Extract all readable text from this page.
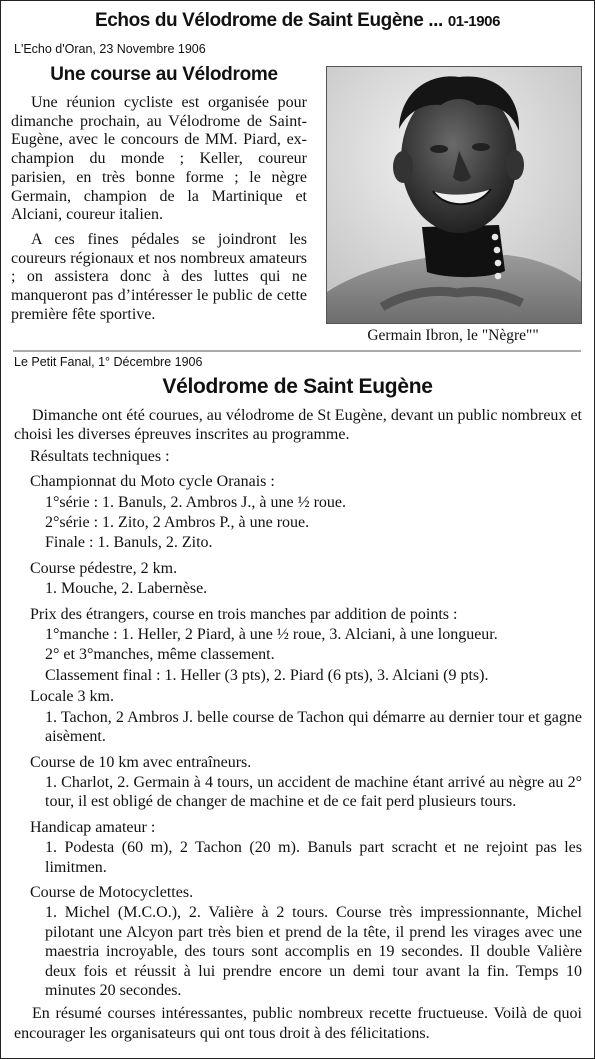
Echos du Vélodrome de Saint Eugène ... 01-1906
L'Echo d'Oran, 23 Novembre 1906
Une course au Vélodrome

Une réunion cycliste est organisée pour dimanche prochain, au Vélodrome de Saint-Eugène, avec le concours de MM. Piard, ex-champion du monde ; Keller, coureur parisien, en très bonne forme ; le nègre Germain, champion de la Martinique et Alciani, coureur italien.

A ces fines pédales se joindront les coureurs régionaux et nos nombreux amateurs ; on assistera donc à des luttes qui ne manqueront pas d’intéresser le public de cette première fête sportive.

Germain Ibron, le "Nègre""
Le Petit Fanal, 1° Décembre 1906
Vélodrome de Saint Eugène
Dimanche ont été courues, au vélodrome de St Eugène, devant un public nombreux et choisi les diverses épreuves inscrites au programme.
Résultats techniques :
Championnat du Moto cycle Oranais :
1°série : 1. Banuls, 2. Ambros J., à une ½ roue.
2°série : 1. Zito, 2 Ambros P., à une roue.
Finale : 1. Banuls, 2. Zito.
Course pédestre, 2 km.
1. Mouche, 2. Labernèse.
Prix des étrangers, course en trois manches par addition de points :
1°manche : 1. Heller, 2 Piard, à une ½ roue, 3. Alciani, à une longueur.
2° et 3°manches, même classement.
Classement final : 1. Heller (3 pts), 2. Piard (6 pts), 3. Alciani (9 pts).
Locale 3 km.
1. Tachon, 2 Ambros J. belle course de Tachon qui démarre au dernier tour et gagne aisèment.
Course de 10 km avec entraîneurs.
1. Charlot, 2. Germain à 4 tours, un accident de machine étant arrivé au nègre au 2° tour, il est obligé de changer de machine et de ce fait perd plusieurs tours.
Handicap amateur :
1. Podesta (60 m), 2 Tachon (20 m). Banuls part scracht et ne rejoint pas les limitmen.
Course de Motocyclettes.
1. Michel (M.C.O.), 2. Valière à 2 tours. Course très impressionnante, Michel pilotant une Alcyon part très bien et prend de la tête, il prend les virages avec une maestria incroyable, des tours sont accomplis en 19 secondes. Il double Valière deux fois et réussit à lui prendre encore un demi tour avant la fin. Temps 10 minutes 20 secondes.
En résumé courses intéressantes, public nombreux recette fructueuse. Voilà de quoi encourager les organisateurs qui ont tous droit à des félicitations.
